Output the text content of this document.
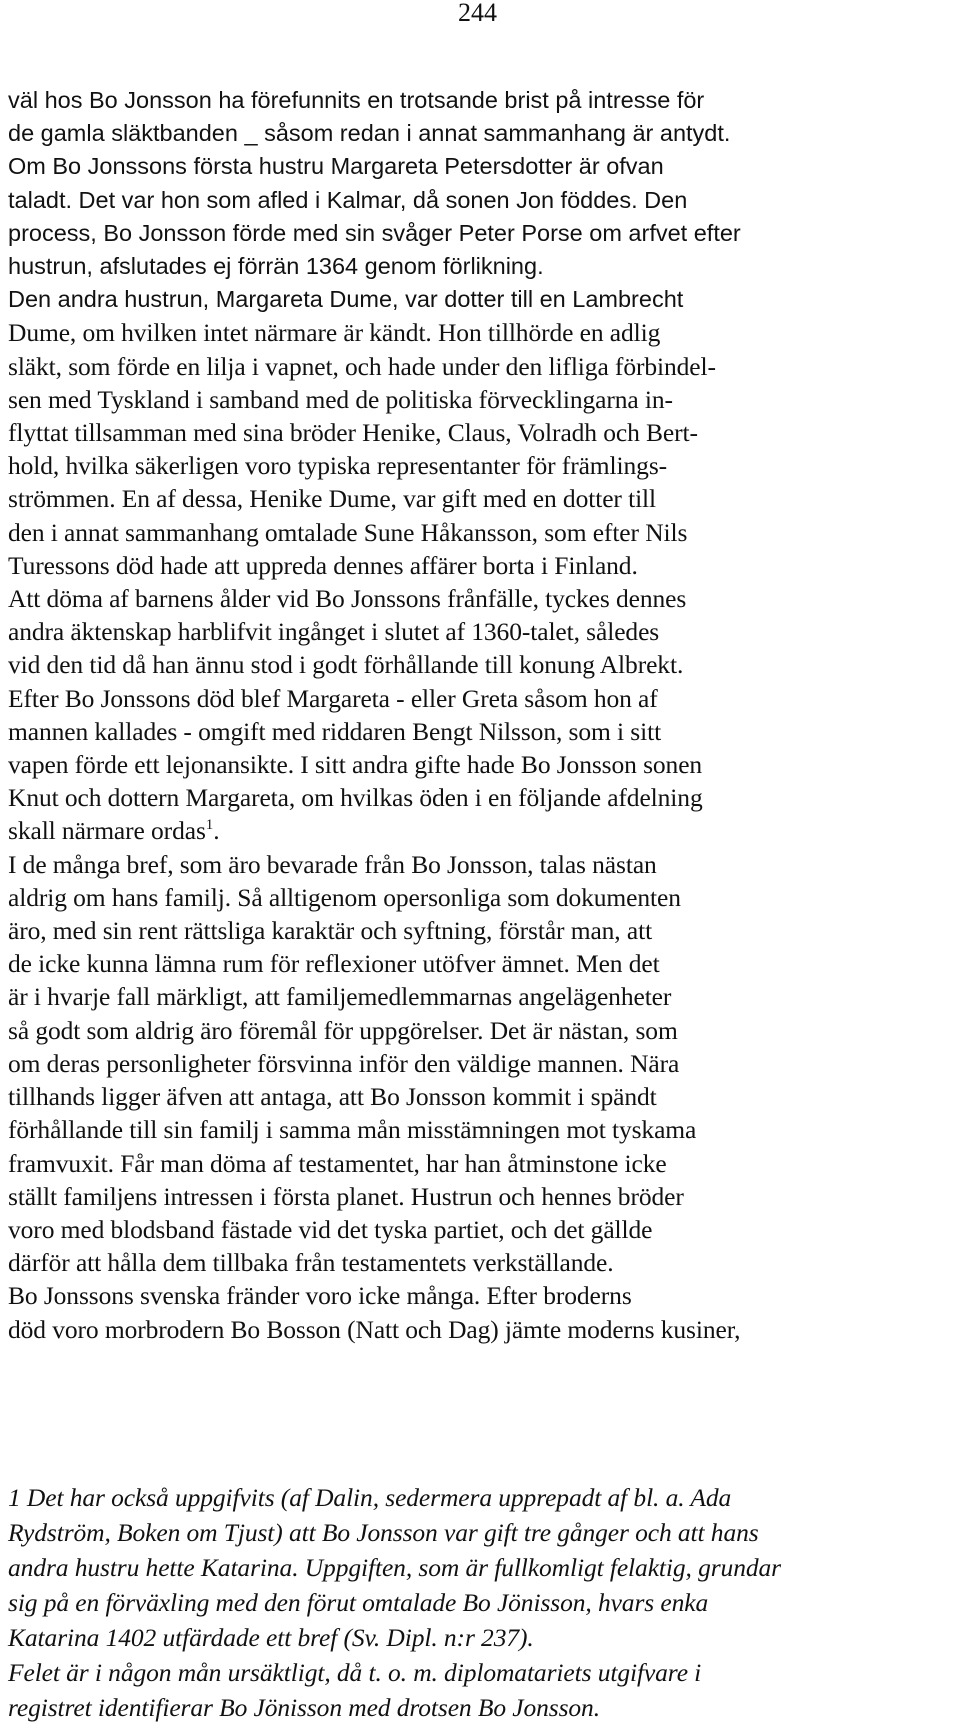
244
väl hos Bo Jonsson ha förefunnits en trotsande brist på intresse för
de gamla släktbanden _ såsom redan i annat sammanhang är antydt.
Om Bo Jonssons första hustru Margareta Petersdotter är ofvan
taladt. Det var hon som afled i Kalmar, då sonen Jon föddes. Den
process, Bo Jonsson förde med sin svåger Peter Porse om arfvet efter
hustrun, afslutades ej förrän 1364 genom förlikning.
Den andra hustrun, Margareta Dume, var dotter till en Lambrecht
Dume, om hvilken intet närmare är kändt. Hon tillhörde en adlig
släkt, som förde en lilja i vapnet, och hade under den lifliga förbindel-
sen med Tyskland i samband med de politiska förvecklingarna in-
flyttat tillsamman med sina bröder Henike, Claus, Volradh och Bert-
hold, hvilka säkerligen voro typiska representanter för främlings-
strömmen. En af dessa, Henike Dume, var gift med en dotter till
den i annat sammanhang omtalade Sune Håkansson, som efter Nils
Turessons död hade att uppreda dennes affärer borta i Finland.
Att döma af barnens ålder vid Bo Jonssons frånfälle, tyckes dennes
andra äktenskap harblifvit ingånget i slutet af 1360-talet, således
vid den tid då han ännu stod i godt förhållande till konung Albrekt.
Efter Bo Jonssons död blef Margareta - eller Greta såsom hon af
mannen kallades - omgift med riddaren Bengt Nilsson, som i sitt
vapen förde ett lejonansikte. I sitt andra gifte hade Bo Jonsson sonen
Knut och dottern Margareta, om hvilkas öden i en följande afdelning
skall närmare ordas$^1$.
I de många bref, som äro bevarade från Bo Jonsson, talas nästan
aldrig om hans familj. Så alltigenom opersonliga som dokumenten
äro, med sin rent rättsliga karaktär och syftning, förstår man, att
de icke kunna lämna rum för reflexioner utöfver ämnet. Men det
är i hvarje fall märkligt, att familjemedlemmarnas angelägenheter
så godt som aldrig äro föremål för uppgörelser. Det är nästan, som
om deras personligheter försvinna inför den väldige mannen. Nära
tillhands ligger äfven att antaga, att Bo Jonsson kommit i spändt
förhållande till sin familj i samma mån misstämningen mot tyskama
framvuxit. Får man döma af testamentet, har han åtminstone icke
ställt familjens intressen i första planet. Hustrun och hennes bröder
voro med blodsband fästade vid det tyska partiet, och det gällde
därför att hålla dem tillbaka från testamentets verkställande.
Bo Jonssons svenska fränder voro icke många. Efter broderns
död voro morbrodern Bo Bosson (Natt och Dag) jämte moderns kusiner,
1 Det har också uppgifvits (af Dalin, sedermera upprepadt af bl. a. Ada
Rydström, Boken om Tjust) att Bo Jonsson var gift tre gånger och att hans
andra hustru hette Katarina. Uppgiften, som är fullkomligt felaktig, grundar
sig på en förväxling med den förut omtalade Bo Jönisson, hvars enka
Katarina 1402 utfärdade ett bref (Sv. Dipl. n:r 237).
Felet är i någon mån ursäktligt, då t. o. m. diplomatariets utgifvare i
registret identifierar Bo Jönisson med drotsen Bo Jonsson.
